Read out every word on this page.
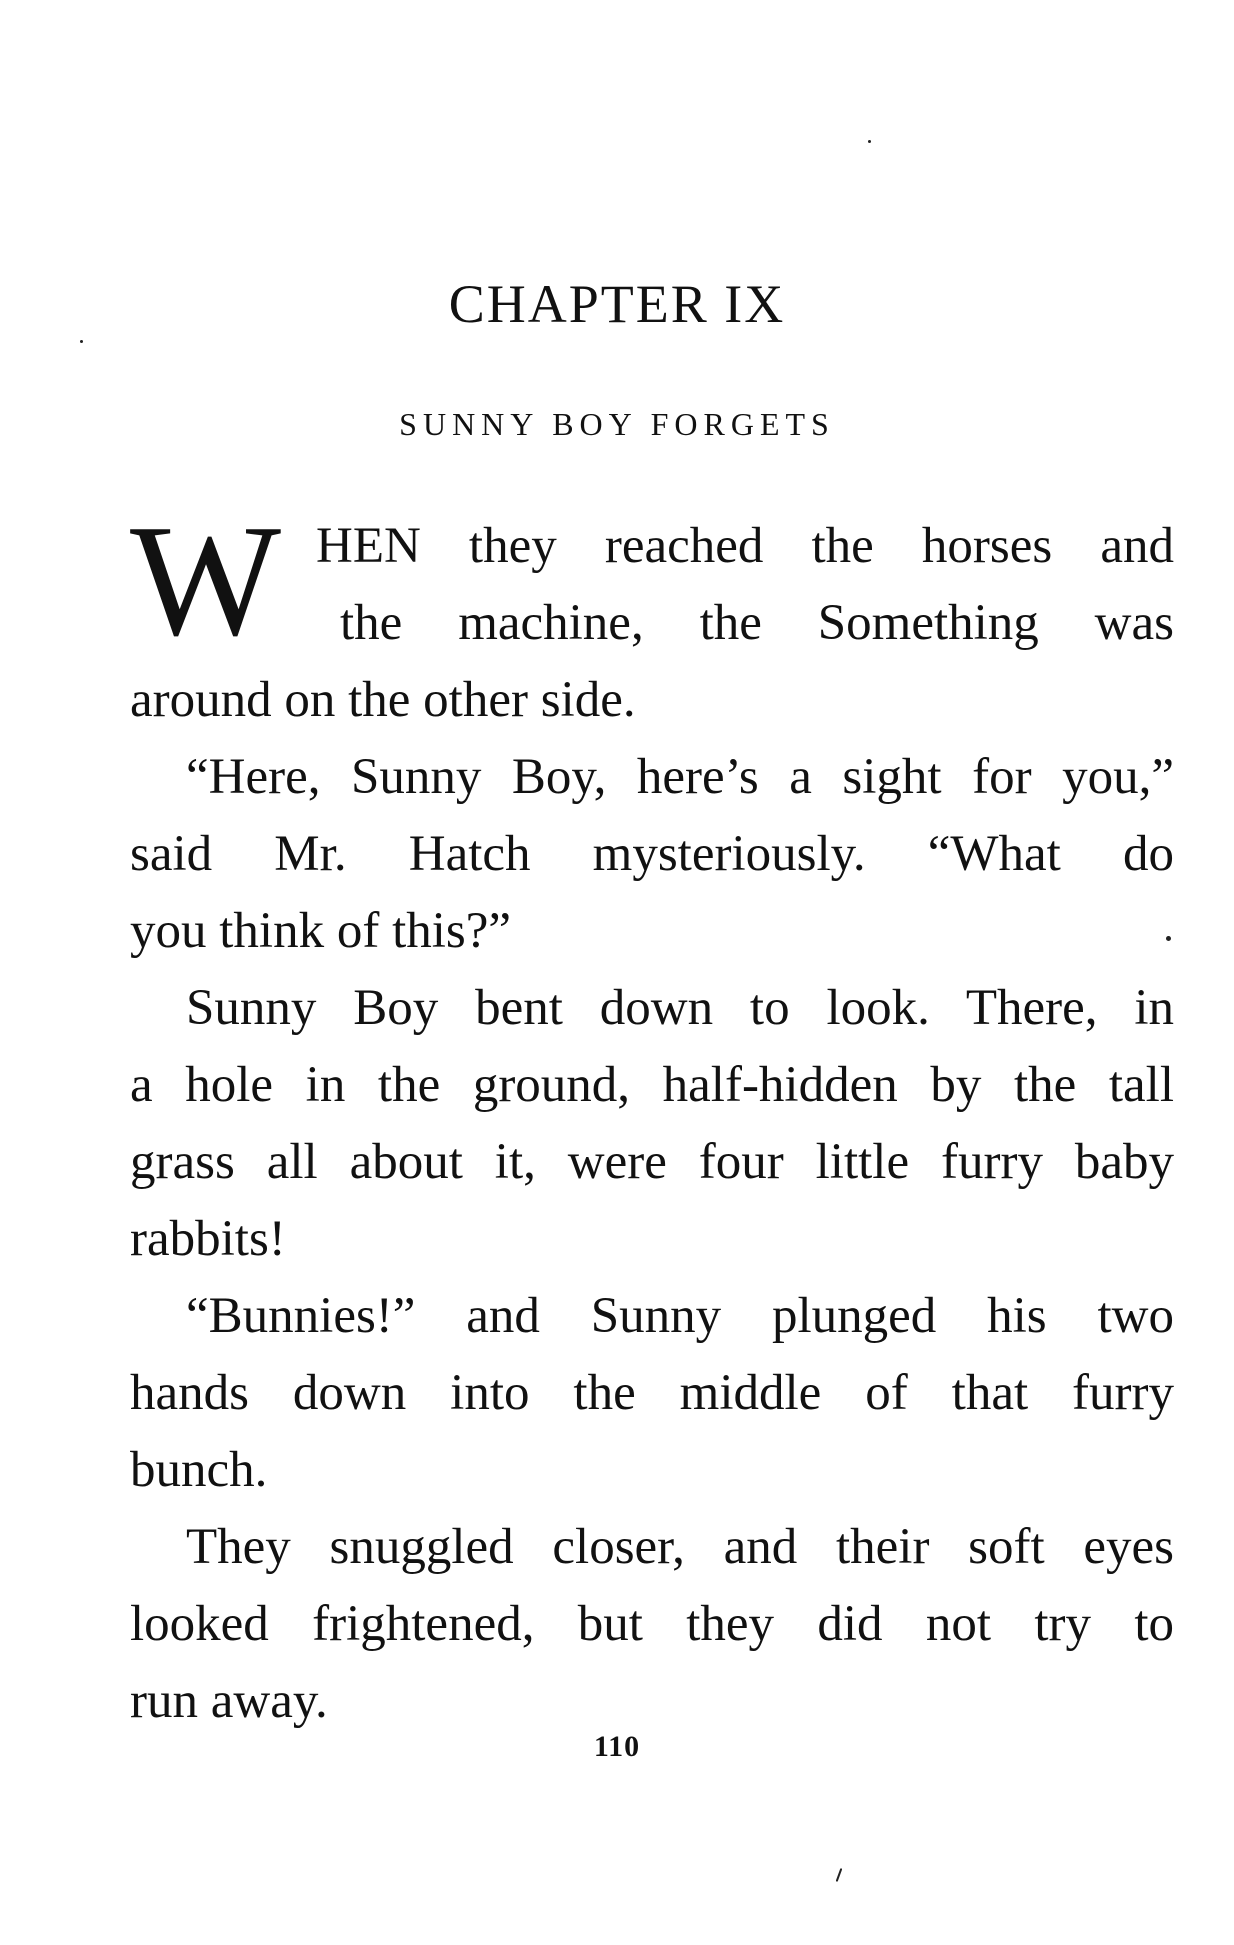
CHAPTER IX
SUNNY BOY FORGETS
W HEN they reached the horses and
the machine, the Something was
around on the other side.
“Here, Sunny Boy, here’s a sight for you,”
said Mr. Hatch mysteriously. “What do
you think of this?”
Sunny Boy bent down to look. There, in
a hole in the ground, half-hidden by the tall
grass all about it, were four little furry baby
rabbits!
“Bunnies!” and Sunny plunged his two
hands down into the middle of that furry
bunch.
They snuggled closer, and their soft eyes
looked frightened, but they did not try to
run away.
110
